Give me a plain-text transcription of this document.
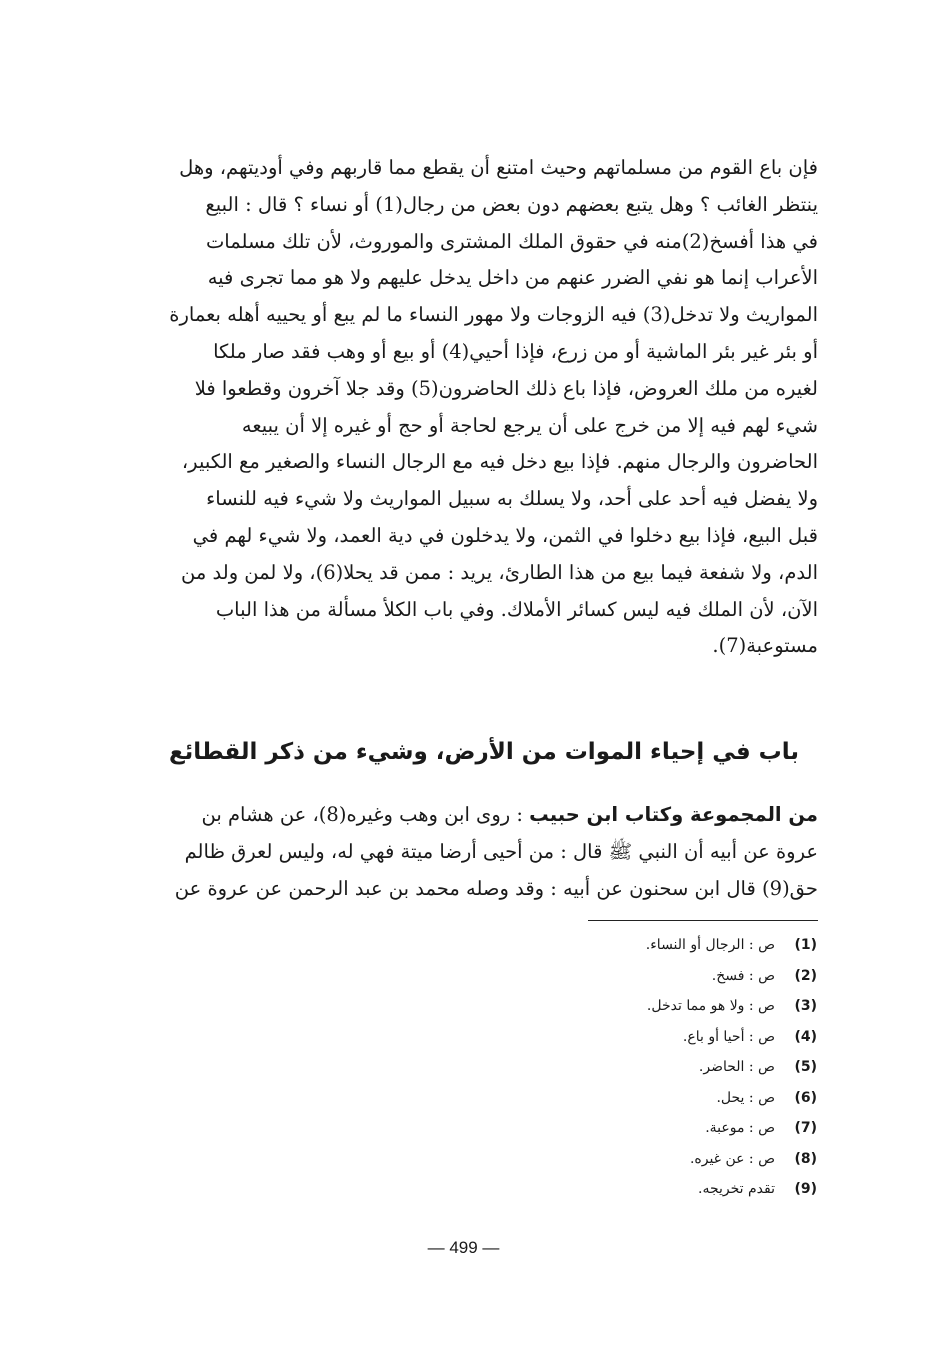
فإن باع القوم من مسلماتهم وحيث امتنع أن يقطع مما قاربهم وفي أوديتهم، وهل
ينتظر الغائب ؟ وهل يتبع بعضهم دون بعض من رجال(1) أو نساء ؟ قال : البيع
في هذا أفسخ(2)منه في حقوق الملك المشترى والموروث، لأن تلك مسلمات
الأعراب إنما هو نفي الضرر عنهم من داخل يدخل عليهم ولا هو مما تجرى فيه
المواريث ولا تدخل(3) فيه الزوجات ولا مهور النساء ما لم يبع أو يحييه أهله بعمارة
أو بئر غير بئر الماشية أو من زرع، فإذا أحيي(4) أو بيع أو وهب فقد صار ملكا
لغيره من ملك العروض، فإذا باع ذلك الحاضرون(5) وقد جلا آخرون وقطعوا فلا
شيء لهم فيه إلا من خرج على أن يرجع لحاجة أو حج أو غيره إلا أن يبيعه
الحاضرون والرجال منهم. فإذا بيع دخل فيه مع الرجال النساء والصغير مع الكبير،
ولا يفضل فيه أحد على أحد، ولا يسلك به سبيل المواريث ولا شيء فيه للنساء
قبل البيع، فإذا بيع دخلوا في الثمن، ولا يدخلون في دية العمد، ولا شيء لهم في
الدم، ولا شفعة فيما بيع من هذا الطارئ، يريد : ممن قد يحلا(6)، ولا لمن ولد من
الآن، لأن الملك فيه ليس كسائر الأملاك. وفي باب الكلأ مسألة من هذا الباب
مستوعبة(7).
باب في إحياء الموات من الأرض، وشيء من ذكر القطائع
من المجموعة وكتاب ابن حبيب : روى ابن وهب وغيره(8)، عن هشام بن
عروة عن أبيه أن النبي ﷺ قال : من أحيى أرضا ميتة فهي له، وليس لعرق ظالم
حق(9) قال ابن سحنون عن أبيه : وقد وصله محمد بن عبد الرحمن عن عروة عن
(1)
ص : الرجال أو النساء.
(2)
ص : فسخ.
(3)
ص : ولا هو مما تدخل.
(4)
ص : أحيا أو باع.
(5)
ص : الحاضر.
(6)
ص : يحل.
(7)
ص : موعبة.
(8)
ص : عن غيره.
(9)
تقدم تخريجه.
— 499 —
